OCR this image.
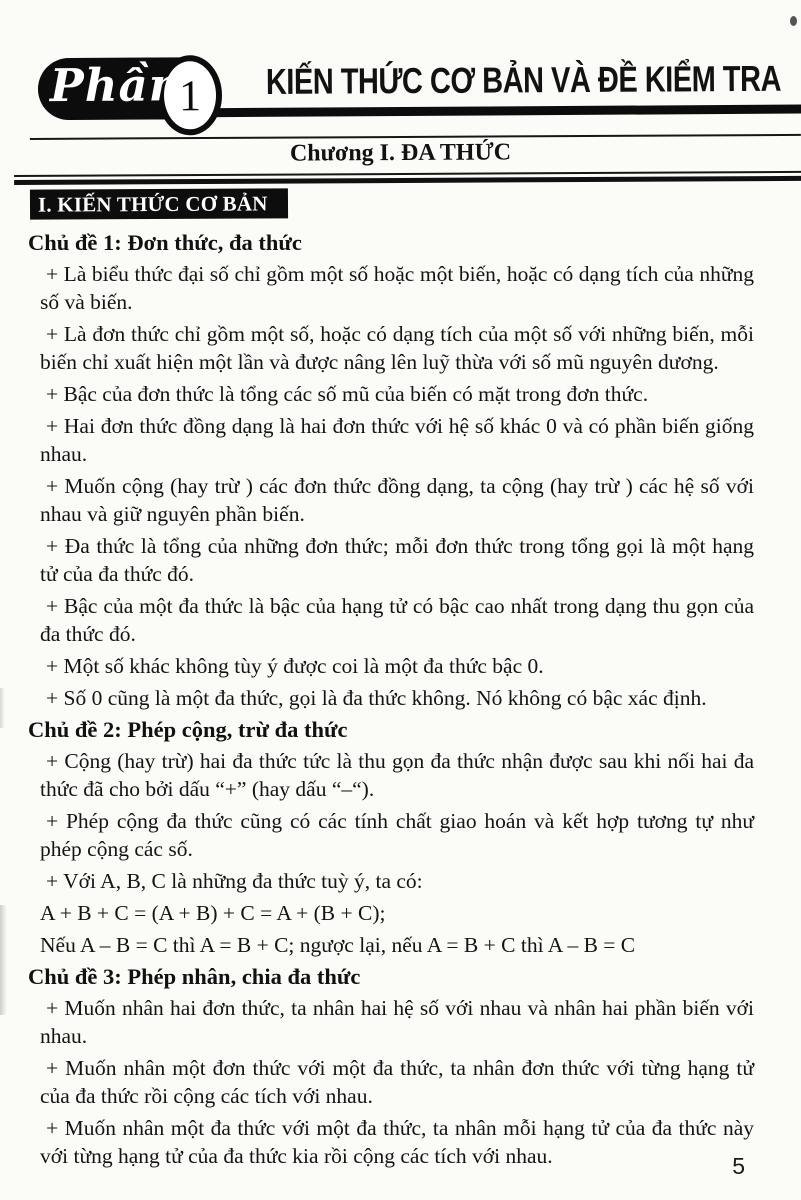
Phần
1	KIẾN THỨC CƠ BẢN VÀ ĐỀ KIỂM TRA
Chương I. ĐA THỨC
I. KIẾN THỨC CƠ BẢN
Chủ đề 1: Đơn thức, đa thức

+ Là biểu thức đại số chỉ gồm một số hoặc một biến, hoặc có dạng tích của những số và biến.

+ Là đơn thức chỉ gồm một số, hoặc có dạng tích của một số với những biến, mỗi biến chỉ xuất hiện một lần và được nâng lên luỹ thừa với số mũ nguyên dương.

+ Bậc của đơn thức là tổng các số mũ của biến có mặt trong đơn thức.

+ Hai đơn thức đồng dạng là hai đơn thức với hệ số khác 0 và có phần biến giống nhau.

+ Muốn cộng (hay trừ ) các đơn thức đồng dạng, ta cộng (hay trừ ) các hệ số với nhau và giữ nguyên phần biến.

+ Đa thức là tổng của những đơn thức; mỗi đơn thức trong tổng gọi là một hạng tử của đa thức đó.

+ Bậc của một đa thức là bậc của hạng tử có bậc cao nhất trong dạng thu gọn của đa thức đó.

+ Một số khác không tùy ý được coi là một đa thức bậc 0.

+ Số 0 cũng là một đa thức, gọi là đa thức không. Nó không có bậc xác định.

Chủ đề 2: Phép cộng, trừ đa thức

+ Cộng (hay trừ) hai đa thức tức là thu gọn đa thức nhận được sau khi nối hai đa thức đã cho bởi dấu “+” (hay dấu “–“).

+ Phép cộng đa thức cũng có các tính chất giao hoán và kết hợp tương tự như phép cộng các số.

+ Với A, B, C là những đa thức tuỳ ý, ta có:

A + B + C = (A + B) + C = A + (B + C);
Nếu A – B = C thì A = B + C; ngược lại, nếu A = B + C thì A – B = C
Chủ đề 3: Phép nhân, chia đa thức

+ Muốn nhân hai đơn thức, ta nhân hai hệ số với nhau và nhân hai phần biến với nhau.

+ Muốn nhân một đơn thức với một đa thức, ta nhân đơn thức với từng hạng tử của đa thức rồi cộng các tích với nhau.

+ Muốn nhân một đa thức với một đa thức, ta nhân mỗi hạng tử của đa thức này với từng hạng tử của đa thức kia rồi cộng các tích với nhau.	5
